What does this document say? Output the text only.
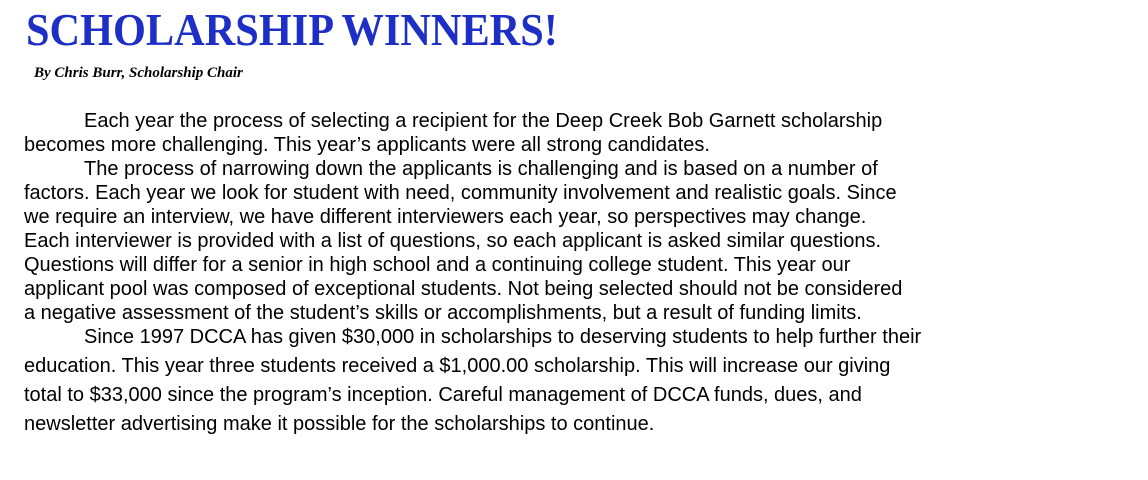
SCHOLARSHIP WINNERS!
By Chris Burr, Scholarship Chair
Each year the process of selecting a recipient for the Deep Creek Bob Garnett scholarship
becomes more challenging. This year’s applicants were all strong candidates.
The process of narrowing down the applicants is challenging and is based on a number of
factors. Each year we look for student with need, community involvement and realistic goals. Since
we require an interview, we have different interviewers each year, so perspectives may change.
Each interviewer is provided with a list of questions, so each applicant is asked similar questions.
Questions will differ for a senior in high school and a continuing college student. This year our
applicant pool was composed of exceptional students. Not being selected should not be considered
a negative assessment of the student’s skills or accomplishments, but a result of funding limits.
Since 1997 DCCA has given $30,000 in scholarships to deserving students to help further their
education. This year three students received a $1,000.00 scholarship. This will increase our giving
total to $33,000 since the program’s inception. Careful management of DCCA funds, dues, and
newsletter advertising make it possible for the scholarships to continue.
